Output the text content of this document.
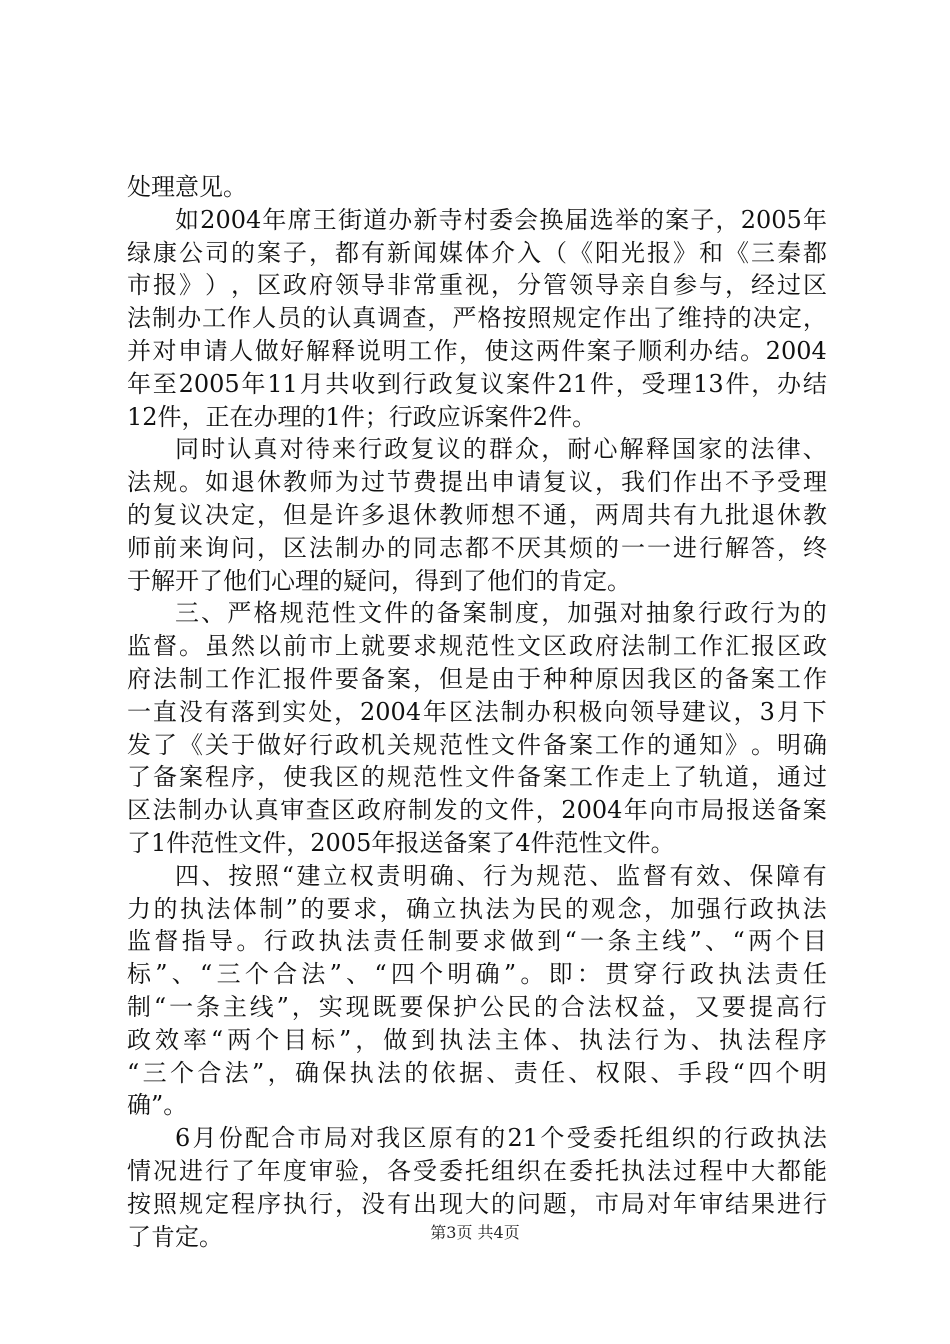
处理意见。
如 2004 年 席 王 街 道 办 新 寺 村 委 会 换 届 选 举 的 案 子 ， 2005 年
绿 康 公 司 的 案 子 ， 都 有 新 闻 媒 体 介 入 （ 《 阳 光 报 》 和 《 三 秦 都
市 报 》 ） ， 区 政 府 领 导 非 常 重 视 ， 分 管 领 导 亲 自 参 与 ， 经 过 区
法 制 办 工 作 人 员 的 认 真 调 查 ， 严 格 按 照 规 定 作 出 了 维 持 的 决 定 ，
并 对 申 请 人 做 好 解 释 说 明 工 作 ， 使 这 两 件 案 子 顺 利 办 结 。 2004
年 至 2005 年 11 月 共 收 到 行 政 复 议 案 件 21 件 ， 受 理 13 件 ， 办 结
12件，正在办理的1件；行政应诉案件2件。
同 时 认 真 对 待 来 行 政 复 议 的 群 众 ， 耐 心 解 释 国 家 的 法 律 、
法 规 。 如 退 休 教 师 为 过 节 费 提 出 申 请 复 议 ， 我 们 作 出 不 予 受 理
的 复 议 决 定 ， 但 是 许 多 退 休 教 师 想 不 通 ， 两 周 共 有 九 批 退 休 教
师 前 来 询 问 ， 区 法 制 办 的 同 志 都 不 厌 其 烦 的 一 一 进 行 解 答 ， 终
于解开了他们心理的疑问，得到了他们的肯定。
三 、 严 格 规 范 性 文 件 的 备 案 制 度 ， 加 强 对 抽 象 行 政 行 为 的
监 督 。 虽 然 以 前 市 上 就 要 求 规 范 性 文 区 政 府 法 制 工 作 汇 报 区 政
府 法 制 工 作 汇 报 件 要 备 案 ， 但 是 由 于 种 种 原 因 我 区 的 备 案 工 作
一 直 没 有 落 到 实 处 ， 2004 年 区 法 制 办 积 极 向 领 导 建 议 ， 3 月 下
发 了 《 关 于 做 好 行 政 机 关 规 范 性 文 件 备 案 工 作 的 通 知 》 。 明 确
了 备 案 程 序 ， 使 我 区 的 规 范 性 文 件 备 案 工 作 走 上 了 轨 道 ， 通 过
区 法 制 办 认 真 审 查 区 政 府 制 发 的 文 件 ， 2004 年 向 市 局 报 送 备 案
了1件范性文件，2005年报送备案了4件范性文件。
四 、 按 照 “ 建 立 权 责 明 确 、 行 为 规 范 、 监 督 有 效 、 保 障 有
力 的 执 法 体 制 ” 的 要 求 ， 确 立 执 法 为 民 的 观 念 ， 加 强 行 政 执 法
监 督 指 导 。 行 政 执 法 责 任 制 要 求 做 到 “ 一 条 主 线 ” 、 “ 两 个 目
标 ” 、 “ 三 个 合 法 ” 、 “ 四 个 明 确 ” 。 即 ： 贯 穿 行 政 执 法 责 任
制 “ 一 条 主 线 ” ， 实 现 既 要 保 护 公 民 的 合 法 权 益 ， 又 要 提 高 行
政 效 率 “ 两 个 目 标 ” ， 做 到 执 法 主 体 、 执 法 行 为 、 执 法 程 序
“ 三 个 合 法 ” ， 确 保 执 法 的 依 据 、 责 任 、 权 限 、 手 段 “ 四 个 明
确”。
6 月 份 配 合 市 局 对 我 区 原 有 的 21 个 受 委 托 组 织 的 行 政 执 法
情 况 进 行 了 年 度 审 验 ， 各 受 委 托 组 织 在 委 托 执 法 过 程 中 大 都 能
按 照 规 定 程 序 执 行 ， 没 有 出 现 大 的 问 题 ， 市 局 对 年 审 结 果 进 行
了肯定。	第3页 共4页
